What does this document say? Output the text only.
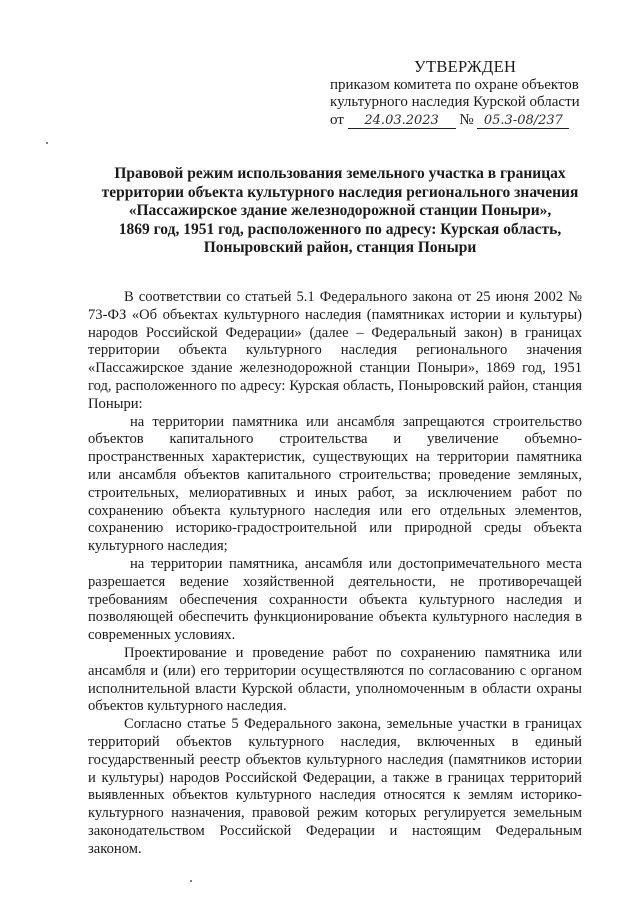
УТВЕРЖДЕН
приказом комитета по охране объектов
культурного наследия Курской области
от 24.03.2023 № 05.3-08/237
Правовой режим использования земельного участка в границах
территории объекта культурного наследия регионального значения
«Пассажирское здание железнодорожной станции Поныри»,
1869 год, 1951 год, расположенного по адресу: Курская область,
Поныровский район, станция Поныри

В соответствии со статьей 5.1 Федерального закона от 25 июня 2002 № 73-ФЗ «Об объектах культурного наследия (памятниках истории и культуры) народов Российской Федерации» (далее – Федеральный закон) в границах территории объекта культурного наследия регионального значения «Пассажирское здание железнодорожной станции Поныри», 1869 год, 1951 год, расположенного по адресу: Курская область, Поныровский район, станция Поныри:

на территории памятника или ансамбля запрещаются строительство объектов капитального строительства и увеличение объемно-пространственных характеристик, существующих на территории памятника или ансамбля объектов капитального строительства; проведение земляных, строительных, мелиоративных и иных работ, за исключением работ по сохранению объекта культурного наследия или его отдельных элементов, сохранению историко-градостроительной или природной среды объекта культурного наследия;

на территории памятника, ансамбля или достопримечательного места разрешается ведение хозяйственной деятельности, не противоречащей требованиям обеспечения сохранности объекта культурного наследия и позволяющей обеспечить функционирование объекта культурного наследия в современных условиях.

Проектирование и проведение работ по сохранению памятника или ансамбля и (или) его территории осуществляются по согласованию с органом исполнительной власти Курской области, уполномоченным в области охраны объектов культурного наследия.

Согласно статье 5 Федерального закона, земельные участки в границах территорий объектов культурного наследия, включенных в единый государственный реестр объектов культурного наследия (памятников истории и культуры) народов Российской Федерации, а также в границах территорий выявленных объектов культурного наследия относятся к землям историко-культурного назначения, правовой режим которых регулируется земельным законодательством Российской Федерации и настоящим Федеральным законом.
